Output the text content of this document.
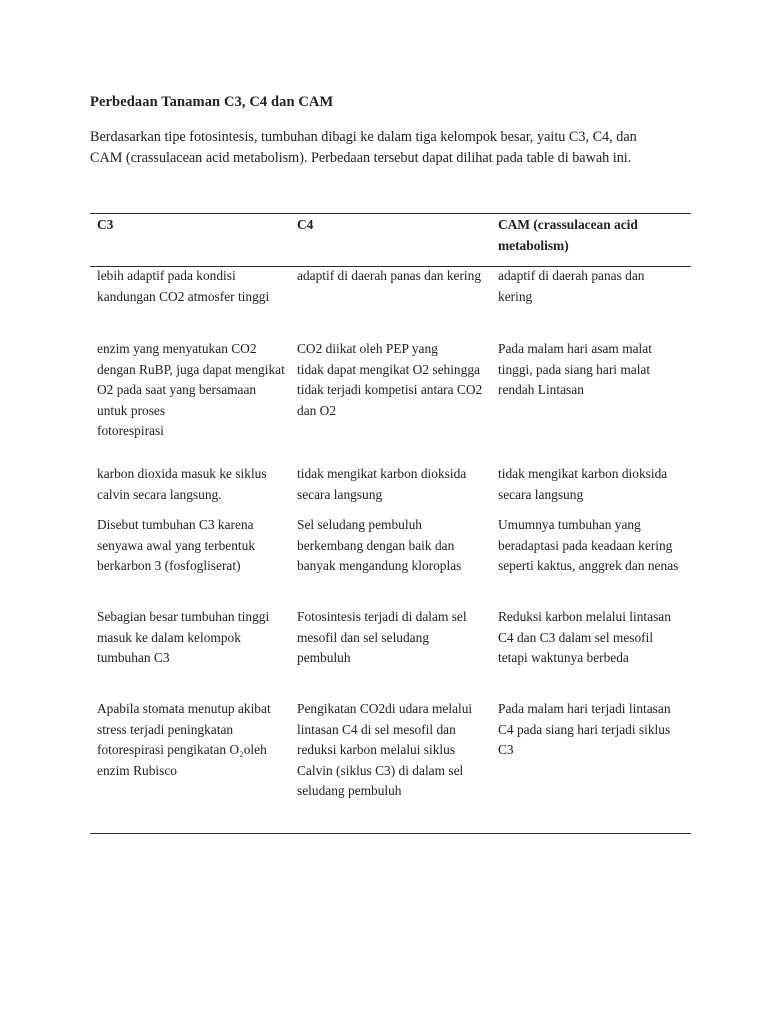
Perbedaan Tanaman C3, C4 dan CAM

Berdasarkan tipe fotosintesis, tumbuhan dibagi ke dalam tiga kelompok besar, yaitu C3, C4, dan

CAM (crassulacean acid metabolism). Perbedaan tersebut dapat dilihat pada table di bawah ini.

C3	C4	CAM (crassulacean acid metabolism)
lebih adaptif pada kondisi kandungan CO2 atmosfer tinggi
adaptif di daerah panas dan kering adaptif di daerah panas dan kering

enzim yang menyatukan CO2 dengan RuBP, juga dapat mengikat O2 pada saat yang bersamaan untuk proses

fotorespirasi

CO2 diikat oleh PEP yang

tidak dapat mengikat O2 sehingga tidak terjadi kompetisi antara CO2 dan O2

Pada malam hari asam malat tinggi, pada siang hari malat rendah Lintasan
karbon dioxida masuk ke siklus calvin secara langsung.
tidak mengikat karbon dioksida secara langsung
tidak mengikat karbon dioksida secara langsung
Disebut tumbuhan C3 karena senyawa awal yang terbentuk berkarbon 3 (fosfogliserat)
Sel seludang pembuluh berkembang dengan baik dan banyak mengandung kloroplas
Umumnya tumbuhan yang beradaptasi pada keadaan kering seperti kaktus, anggrek dan nenas
Sebagian besar tumbuhan tinggi masuk ke dalam kelompok tumbuhan C3
Fotosintesis terjadi di dalam sel mesofil dan sel seludang pembuluh
Reduksi karbon melalui lintasan C4 dan C3 dalam sel mesofil tetapi waktunya berbeda
Apabila stomata menutup akibat stress terjadi peningkatan fotorespirasi pengikatan O₂oleh enzim Rubisco
Pengikatan CO2di udara melalui lintasan C4 di sel mesofil dan reduksi karbon melalui siklus Calvin (siklus C3) di dalam sel seludang pembuluh
Pada malam hari terjadi lintasan C4 pada siang hari terjadi siklus C3
